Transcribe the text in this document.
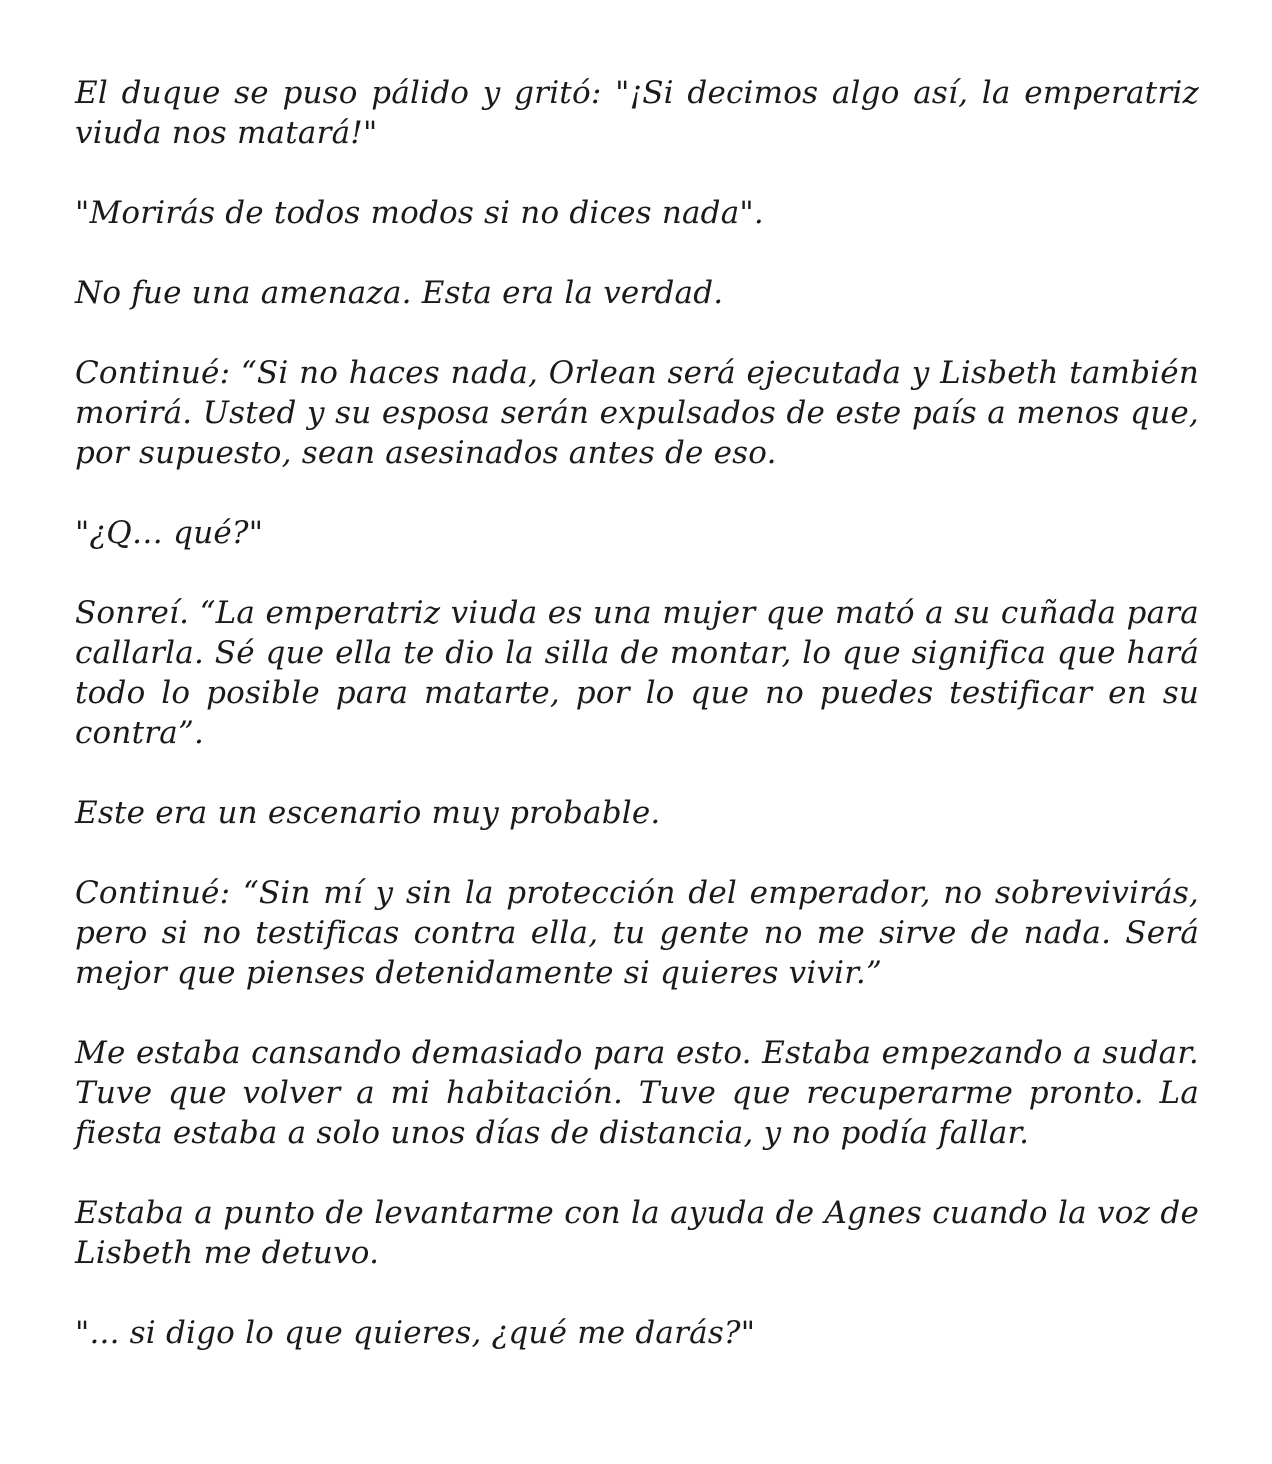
El duque se puso pálido y gritó: "¡Si decimos algo así, la emperatriz viuda nos matará!"

"Morirás de todos modos si no dices nada".

No fue una amenaza. Esta era la verdad.

Continué: “Si no haces nada, Orlean será ejecutada y Lisbeth también morirá. Usted y su esposa serán expulsados de este país a menos que, por supuesto, sean asesinados antes de eso.

"¿Q… qué?"

Sonreí. “La emperatriz viuda es una mujer que mató a su cuñada para callarla. Sé que ella te dio la silla de montar, lo que significa que hará todo lo posible para matarte, por lo que no puedes testificar en su contra”.

Este era un escenario muy probable.

Continué: “Sin mí y sin la protección del emperador, no sobrevivirás, pero si no testificas contra ella, tu gente no me sirve de nada. Será mejor que pienses detenidamente si quieres vivir.”

Me estaba cansando demasiado para esto. Estaba empezando a sudar. Tuve que volver a mi habitación. Tuve que recuperarme pronto. La fiesta estaba a solo unos días de distancia, y no podía fallar.

Estaba a punto de levantarme con la ayuda de Agnes cuando la voz de Lisbeth me detuvo.

"... si digo lo que quieres, ¿qué me darás?"
